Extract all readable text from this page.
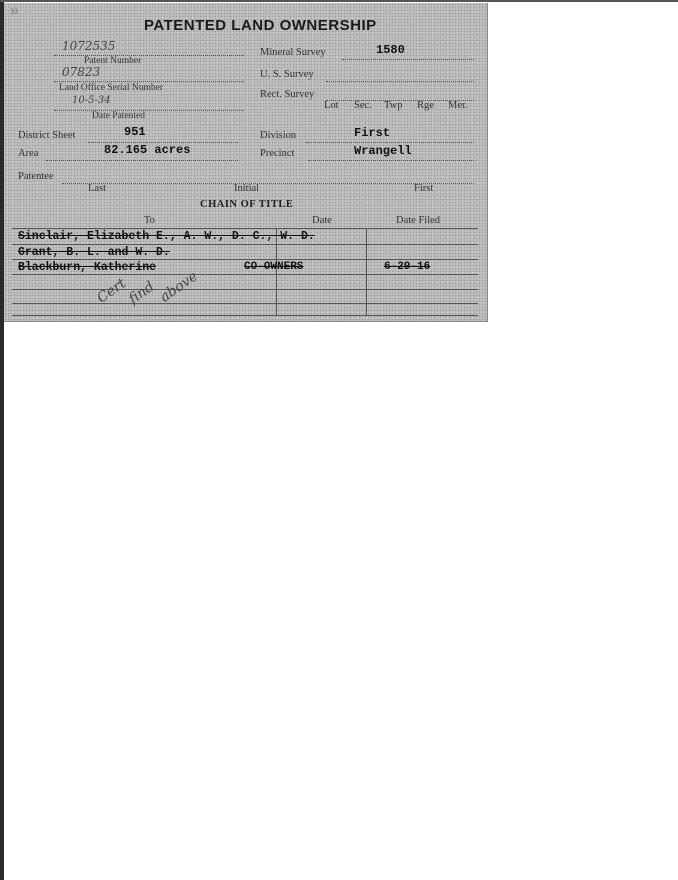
33
PATENTED LAND OWNERSHIP
1072535
Patent Number
07823
Land Office Serial Number
10-5-34
Date Patented
Mineral Survey	1580
U. S. Survey
Rect. Survey
Lot Sec. Twp Rge Mer.
District Sheet	951	Division	First
Area	82.165 acres	Precinct	Wrangell
Patentee
Last	Initial	First
CHAIN OF TITLE
To	Date	Date Filed
Sinclair, Elizabeth E., A. W., D. C., W. D.
Grant, B. L. and W. D.
Blackburn, Katherine	CO-OWNERS	6-29-16
Cert
find above
